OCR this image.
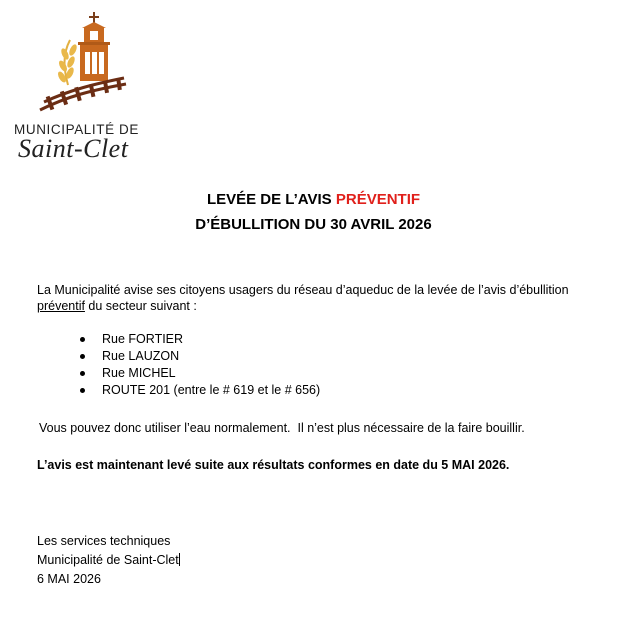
MUNICIPALITÉ DE
Saint-Clet
LEVÉE DE L’AVIS PRÉVENTIF
D’ÉBULLITION DU 30 AVRIL 2026
La Municipalité avise ses citoyens usagers du réseau d’aqueduc de la levée de l’avis d’ébullition
préventif du secteur suivant :
Rue FORTIER
Rue LAUZON
Rue MICHEL
ROUTE 201 (entre le # 619 et le # 656)
Vous pouvez donc utiliser l’eau normalement.  Il n’est plus nécessaire de la faire bouillir.
L’avis est maintenant levé suite aux résultats conformes en date du 5 MAI 2026.
Les services techniques
Municipalité de Saint-Clet
6 MAI 2026
